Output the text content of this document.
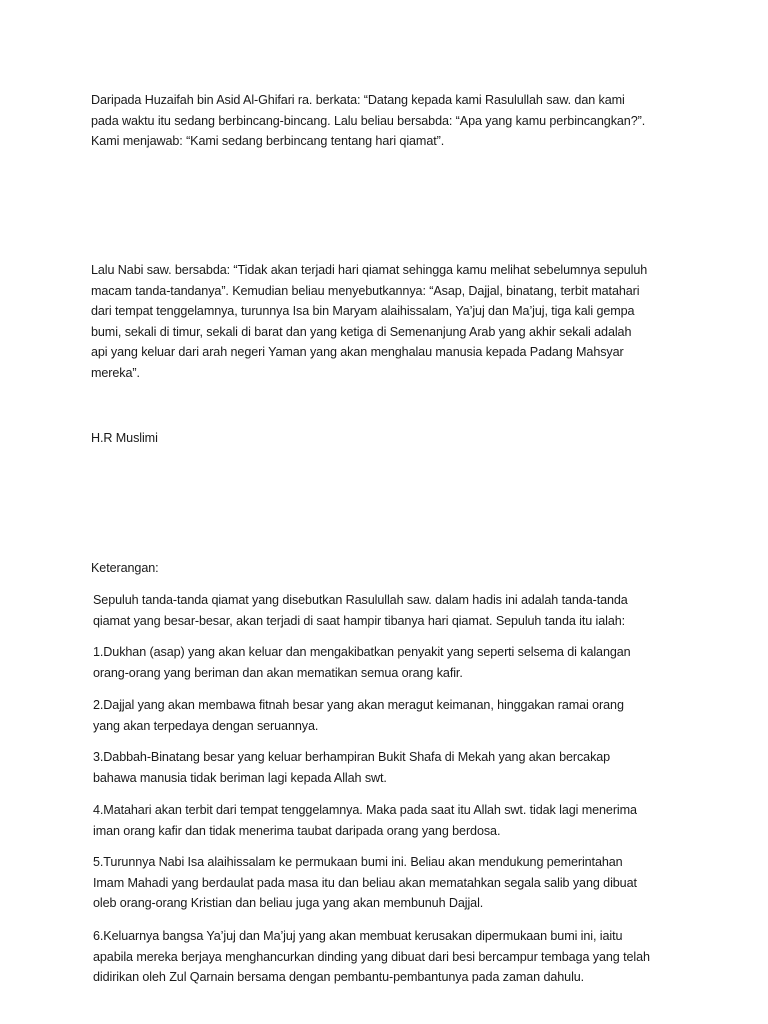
Daripada Huzaifah bin Asid Al-Ghifari ra. berkata: “Datang kepada kami Rasulullah saw. dan kami
pada waktu itu sedang berbincang-bincang. Lalu beliau bersabda: “Apa yang kamu perbincangkan?”.
Kami menjawab: “Kami sedang berbincang tentang hari qiamat”.

Lalu Nabi saw. bersabda: “Tidak akan terjadi hari qiamat sehingga kamu melihat sebelumnya sepuluh
macam tanda-tandanya”. Kemudian beliau menyebutkannya: “Asap, Dajjal, binatang, terbit matahari
dari tempat tenggelamnya, turunnya Isa bin Maryam alaihissalam, Ya’juj dan Ma’juj, tiga kali gempa
bumi, sekali di timur, sekali di barat dan yang ketiga di Semenanjung Arab yang akhir sekali adalah
api yang keluar dari arah negeri Yaman yang akan menghalau manusia kepada Padang Mahsyar
mereka”.

H.R Muslimi

Keterangan:

Sepuluh tanda-tanda qiamat yang disebutkan Rasulullah saw. dalam hadis ini adalah tanda-tanda
qiamat yang besar-besar, akan terjadi di saat hampir tibanya hari qiamat. Sepuluh tanda itu ialah:

1.Dukhan (asap) yang akan keluar dan mengakibatkan penyakit yang seperti selsema di kalangan
orang-orang yang beriman dan akan mematikan semua orang kafir.

2.Dajjal yang akan membawa fitnah besar yang akan meragut keimanan, hinggakan ramai orang
yang akan terpedaya dengan seruannya.

3.Dabbah-Binatang besar yang keluar berhampiran Bukit Shafa di Mekah yang akan bercakap
bahawa manusia tidak beriman lagi kepada Allah swt.

4.Matahari akan terbit dari tempat tenggelamnya. Maka pada saat itu Allah swt. tidak lagi menerima
iman orang kafir dan tidak menerima taubat daripada orang yang berdosa.

5.Turunnya Nabi Isa alaihissalam ke permukaan bumi ini. Beliau akan mendukung pemerintahan
Imam Mahadi yang berdaulat pada masa itu dan beliau akan mematahkan segala salib yang dibuat
oleb orang-orang Kristian dan beliau juga yang akan membunuh Dajjal.

6.Keluarnya bangsa Ya’juj dan Ma’juj yang akan membuat kerusakan dipermukaan bumi ini, iaitu
apabila mereka berjaya menghancurkan dinding yang dibuat dari besi bercampur tembaga yang telah
didirikan oleh Zul Qarnain bersama dengan pembantu-pembantunya pada zaman dahulu.
